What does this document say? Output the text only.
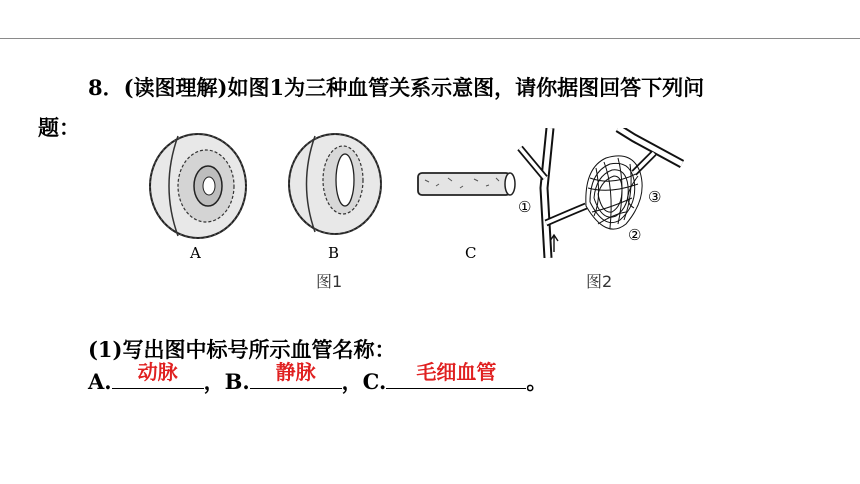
8．(读图理解)如图1为三种血管关系示意图，请你据图回答下列问
题：
A	B	C
图1
①
②
③
图2
(1)写出图中标号所示血管名称：
A.	动脉	，B.	静脉	，C.	毛细血管	。
